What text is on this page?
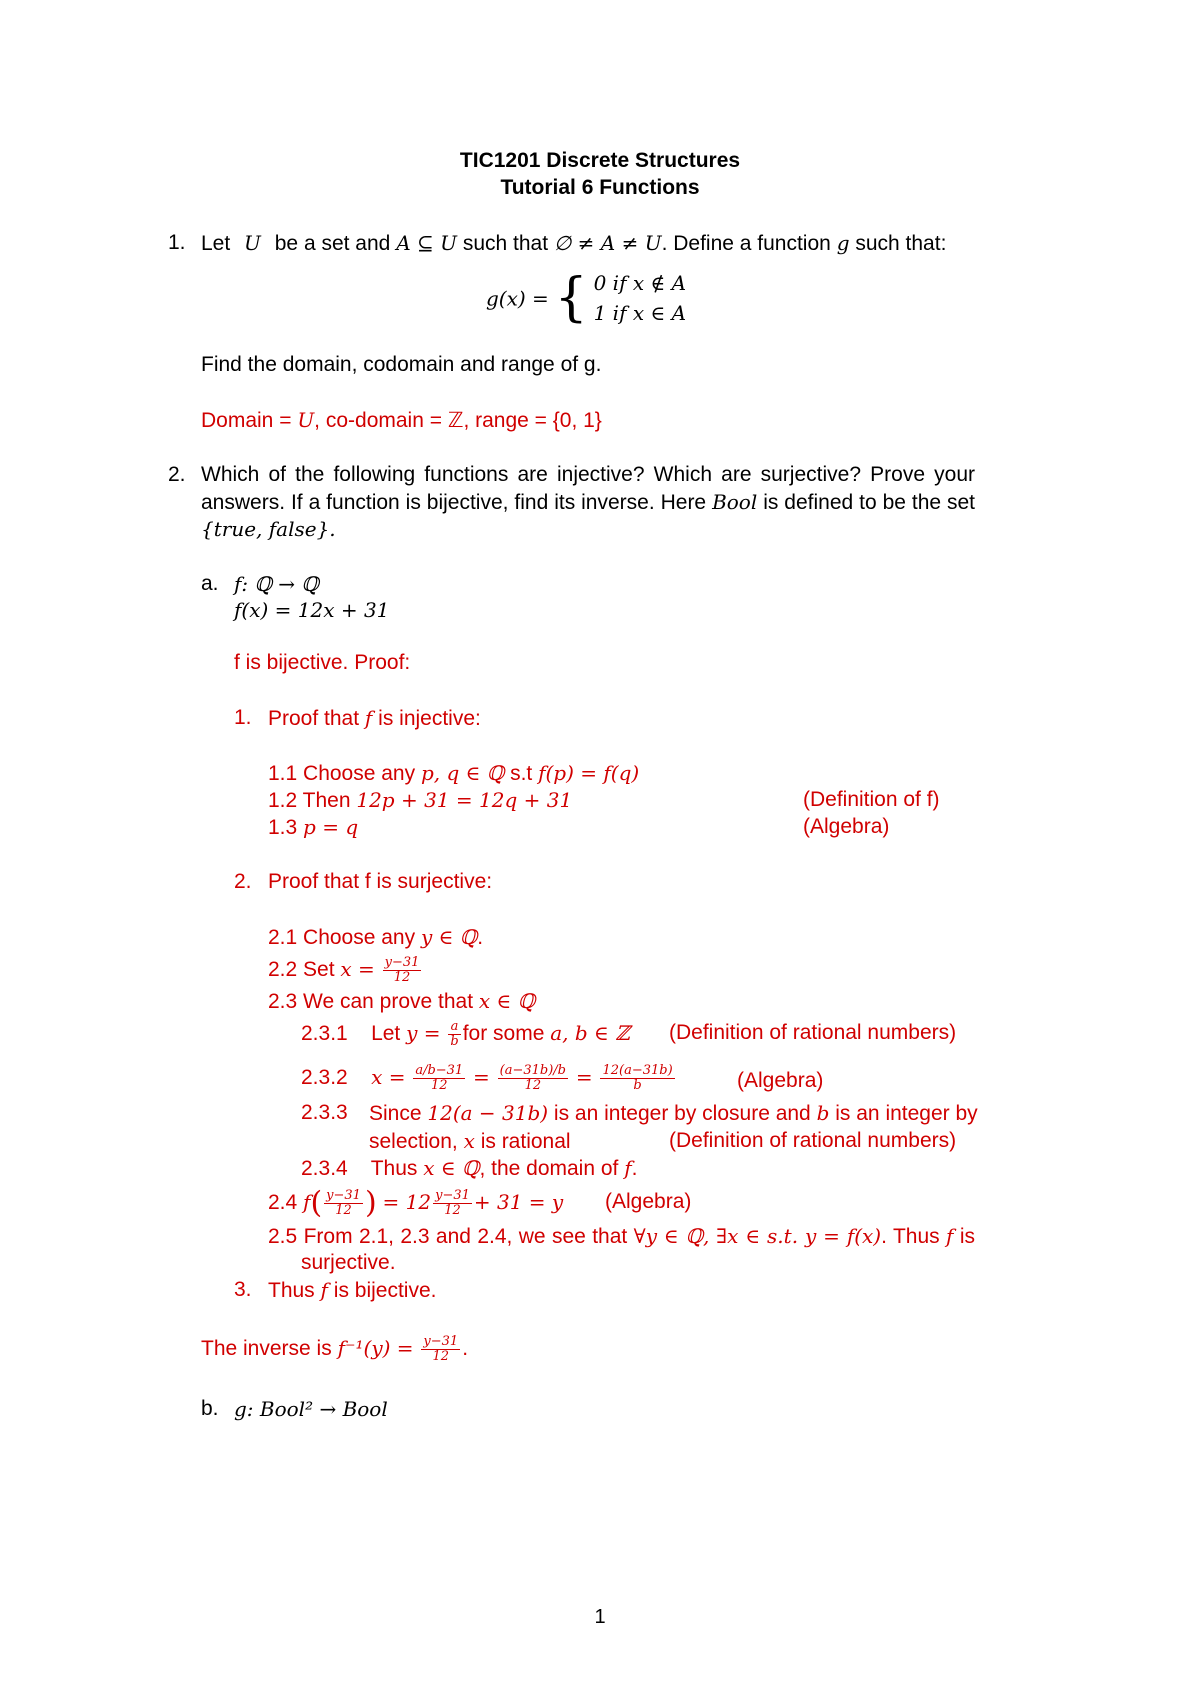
TIC1201 Discrete Structures
Tutorial 6 Functions
1. Let U be a set and A ⊆ U such that ∅ ≠ A ≠ U. Define a function g such that:
g(x) = { 0 if x ∉ A
1 if x ∈ A
Find the domain, codomain and range of g.
Domain = U, co-domain = ℤ, range = {0, 1}
2. Which of the following functions are injective? Which are surjective? Prove your
answers. If a function is bijective, find its inverse. Here Bool is defined to be the set
{true, false}.
a. f: ℚ → ℚ
f(x) = 12x + 31
f is bijective. Proof:
1. Proof that f is injective:
1.1 Choose any p, q ∈ ℚ s.t f(p) = f(q)
1.2 Then 12p + 31 = 12q + 31	(Definition of f)
1.3 p = q	(Algebra)
2. Proof that f is surjective:
2.1 Choose any y ∈ ℚ.
2.2 Set $x = \frac{y-31}{12}$
2.3 We can prove that x ∈ ℚ
2.3.1 Let $y = \frac{a}{b}$ for some a, b ∈ ℤ (Definition of rational numbers)
2.3.2 $x = \frac{a/b-31}{12} = \frac{(a-31b)/b}{12} = \frac{12(a-31b)}{b}$	(Algebra)
2.3.3 Since 12(a − 31b) is an integer by closure and b is an integer by
selection, x is rational	(Definition of rational numbers)
2.3.4 Thus x ∈ ℚ, the domain of f.
2.4 $f( \frac{y-31}{12}$ ) = $12 \frac{y-31}{12} + 31 = y$ (Algebra)
2.5 From 2.1, 2.3 and 2.4, we see that ∀y ∈ ℚ, ∃x ∈ s.t. y = f(x). Thus f is
surjective.
3. Thus f is bijective.
The inverse is $f^{-1}(y) = \frac{y-31}{12}$ .
b. g: Bool² → Bool
1
